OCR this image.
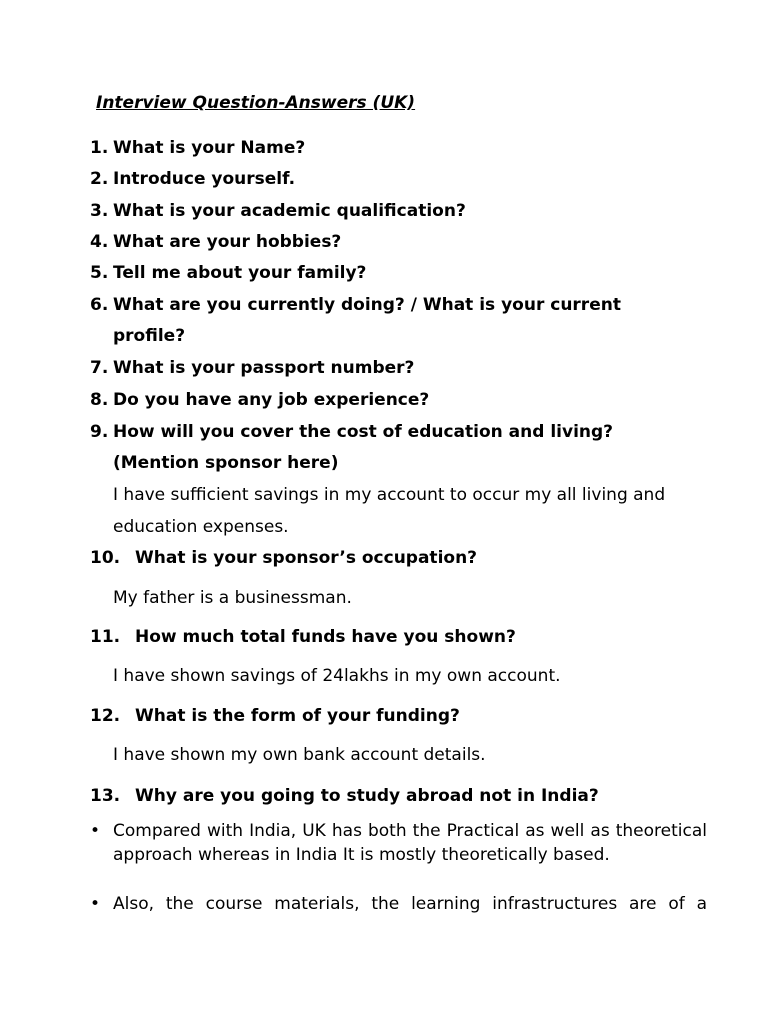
Interview Question-Answers (UK)
1. What is your Name?
2. Introduce yourself.
3. What is your academic qualification?
4. What are your hobbies?
5. Tell me about your family?
6. What are you currently doing? / What is your current
profile?
7. What is your passport number?
8. Do you have any job experience?
9. How will you cover the cost of education and living?
(Mention sponsor here)
I have sufficient savings in my account to occur my all living and
education expenses.
10. What is your sponsor’s occupation?
My father is a businessman.
11. How much total funds have you shown?
I have shown savings of 24lakhs in my own account.
12. What is the form of your funding?
I have shown my own bank account details.
13. Why are you going to study abroad not in India?
• Compared with India, UK has both the Practical as well as theoretical approach whereas in India It is mostly theoretically based.
• Also, the course materials, the learning infrastructures are of a
